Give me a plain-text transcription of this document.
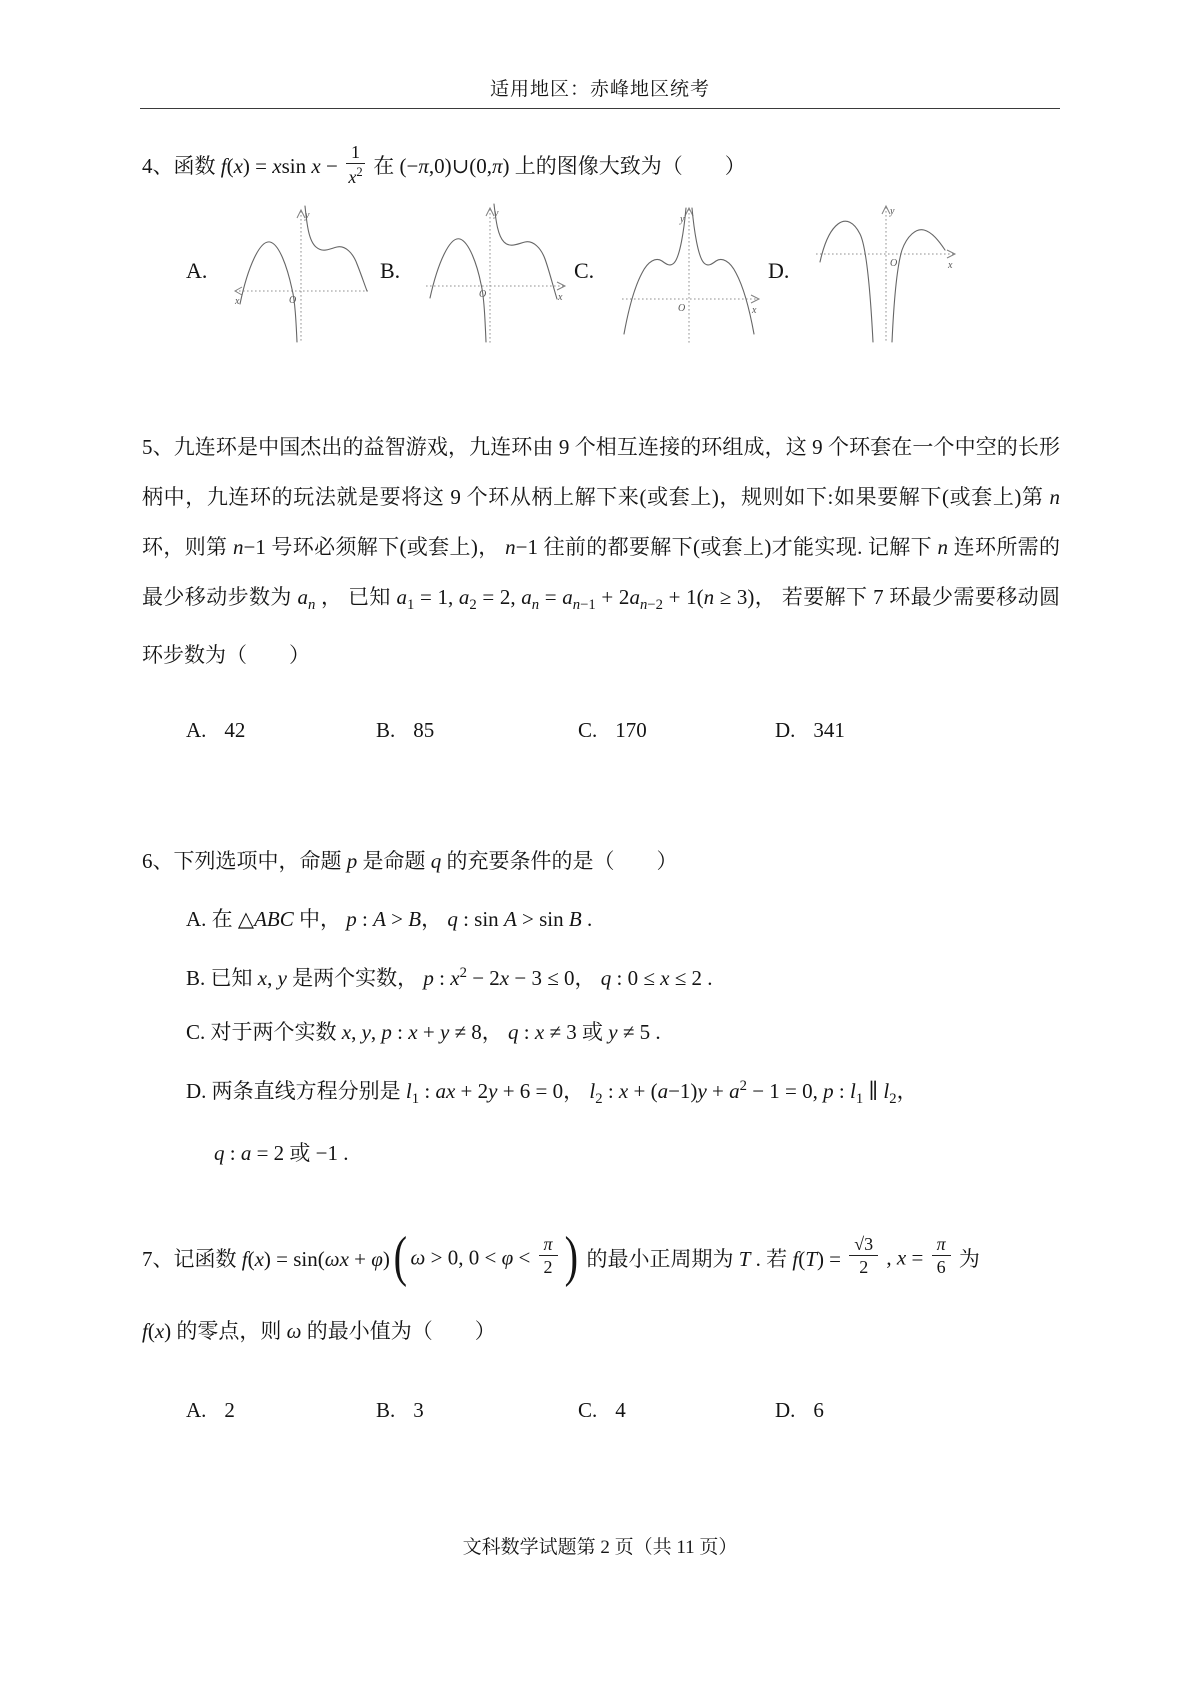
适用地区：赤峰地区统考
4、函数 f(x) = xsin $x - \frac{1}{x^2}$ 在 (−π,0)∪(0,π) 上的图像大致为（　　）
A.
x
y
O
B.
x
y
O
C.
x
y
O
D.	x
y
O
5、九连环是中国杰出的益智游戏，九连环由 9 个相互连接的环组成，这 9 个环套在一个中空的长形柄中，九连环的玩法就是要将这 9 个环从柄上解下来(或套上)，规则如下:如果要解下(或套上)第 n 环，则第 n−1 号环必须解下(或套上)， n−1 往前的都要解下(或套上)才能实现. 记解下 n 连环所需的最少移动步数为 $a_n$ ， 已知 $a_1 = 1$, $a_2 = 2$, $a_n = a_{n-1} + 2a_{n-2} + 1(n \ge 3)$， 若要解下 7 环最少需要移动圆环步数为（　　）
A. 42	B. 85	C. 170	D. 341
6、下列选项中，命题 p 是命题 q 的充要条件的是（　　）
A. 在 △ABC 中， p : A > B， q : sin A > sin B .
B. 已知 x, y 是两个实数， p : $x^2 - 2x - 3 \le 0$， q : 0 ≤ x ≤ 2 .
C. 对于两个实数 x, y, p : x + y ≠ 8， q : x ≠ 3 或 y ≠ 5 .
D. 两条直线方程分别是 $l_1$ : ax + 2y + 6 = 0， $l_2$ : $x + (a-1)y + a^2 - 1 = 0$, p : $l_1$ ∥ $l_2$，
q : a = 2 或 −1 .
7、记函数 f(x) = sin(ωx + φ)( ω > 0, $0 < \varphi < \frac{\pi}{2}$ ) 的最小正周期为 T . 若 $f(T) = \frac{√3}{2}$ , $x = \frac{\pi}{6}$ 为
f(x) 的零点，则 ω 的最小值为（　　）
A. 2	B. 3	C. 4	D. 6
文科数学试题第 2 页（共 11 页）
